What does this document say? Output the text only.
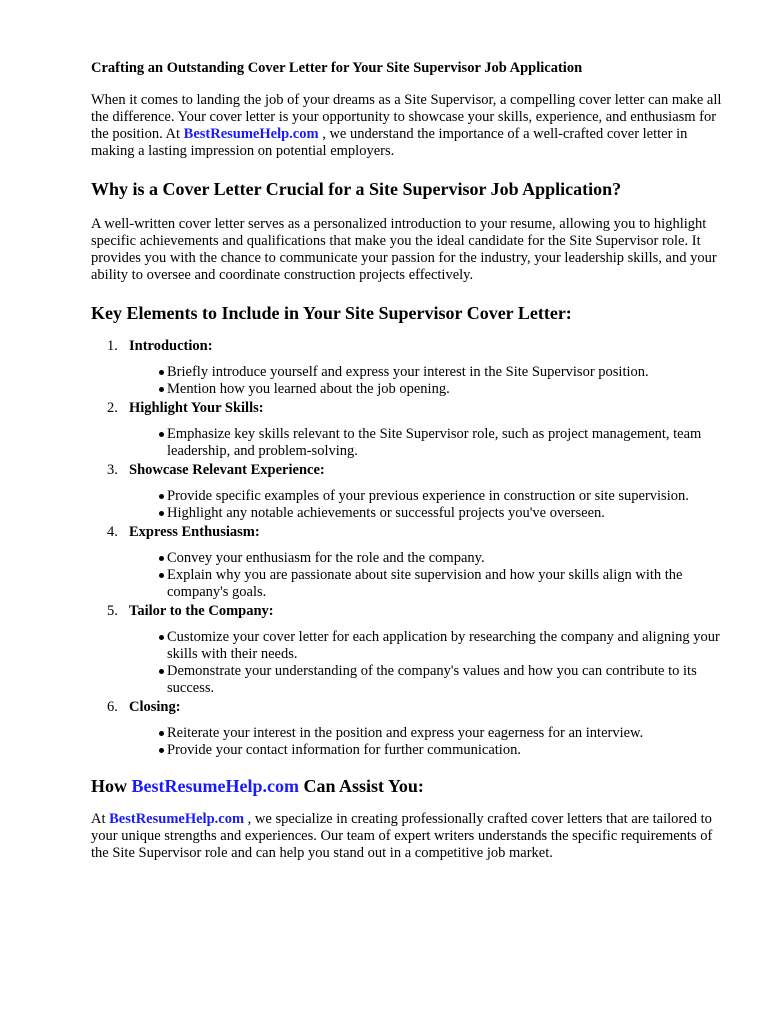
Crafting an Outstanding Cover Letter for Your Site Supervisor Job Application

When it comes to landing the job of your dreams as a Site Supervisor, a compelling cover letter can make all the difference. Your cover letter is your opportunity to showcase your skills, experience, and enthusiasm for the position. At BestResumeHelp.com , we understand the importance of a well-crafted cover letter in making a lasting impression on potential employers.

Why is a Cover Letter Crucial for a Site Supervisor Job Application?

A well-written cover letter serves as a personalized introduction to your resume, allowing you to highlight specific achievements and qualifications that make you the ideal candidate for the Site Supervisor role. It provides you with the chance to communicate your passion for the industry, your leadership skills, and your ability to oversee and coordinate construction projects effectively.

Key Elements to Include in Your Site Supervisor Cover Letter:
1. Introduction:
Briefly introduce yourself and express your interest in the Site Supervisor position.
Mention how you learned about the job opening.
2. Highlight Your Skills:
Emphasize key skills relevant to the Site Supervisor role, such as project management, team leadership, and problem-solving.
3. Showcase Relevant Experience:
Provide specific examples of your previous experience in construction or site supervision.
Highlight any notable achievements or successful projects you've overseen.
4. Express Enthusiasm:
Convey your enthusiasm for the role and the company.
Explain why you are passionate about site supervision and how your skills align with the company's goals.
5. Tailor to the Company:
Customize your cover letter for each application by researching the company and aligning your skills with their needs.
Demonstrate your understanding of the company's values and how you can contribute to its success.
6. Closing:
Reiterate your interest in the position and express your eagerness for an interview.
Provide your contact information for further communication.
How BestResumeHelp.com Can Assist You:

At BestResumeHelp.com , we specialize in creating professionally crafted cover letters that are tailored to your unique strengths and experiences. Our team of expert writers understands the specific requirements of the Site Supervisor role and can help you stand out in a competitive job market.
